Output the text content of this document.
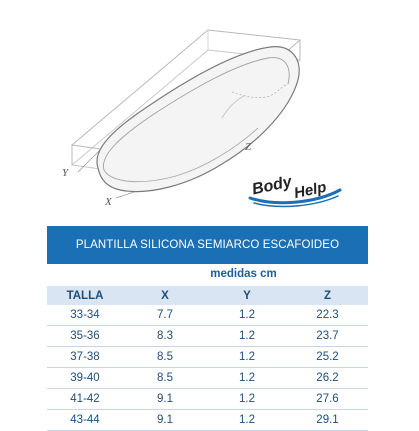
Y
X
Z
Body Help
PLANTILLA SILICONA SEMIARCO ESCAFOIDEO
medidas cm
TALLA	X	Y	Z
33-34	7.7	1.2	22.3
35-36	8.3	1.2	23.7
37-38	8.5	1.2	25.2
39-40	8.5	1.2	26.2
41-42	9.1	1.2	27.6
43-44	9.1	1.2	29.1
